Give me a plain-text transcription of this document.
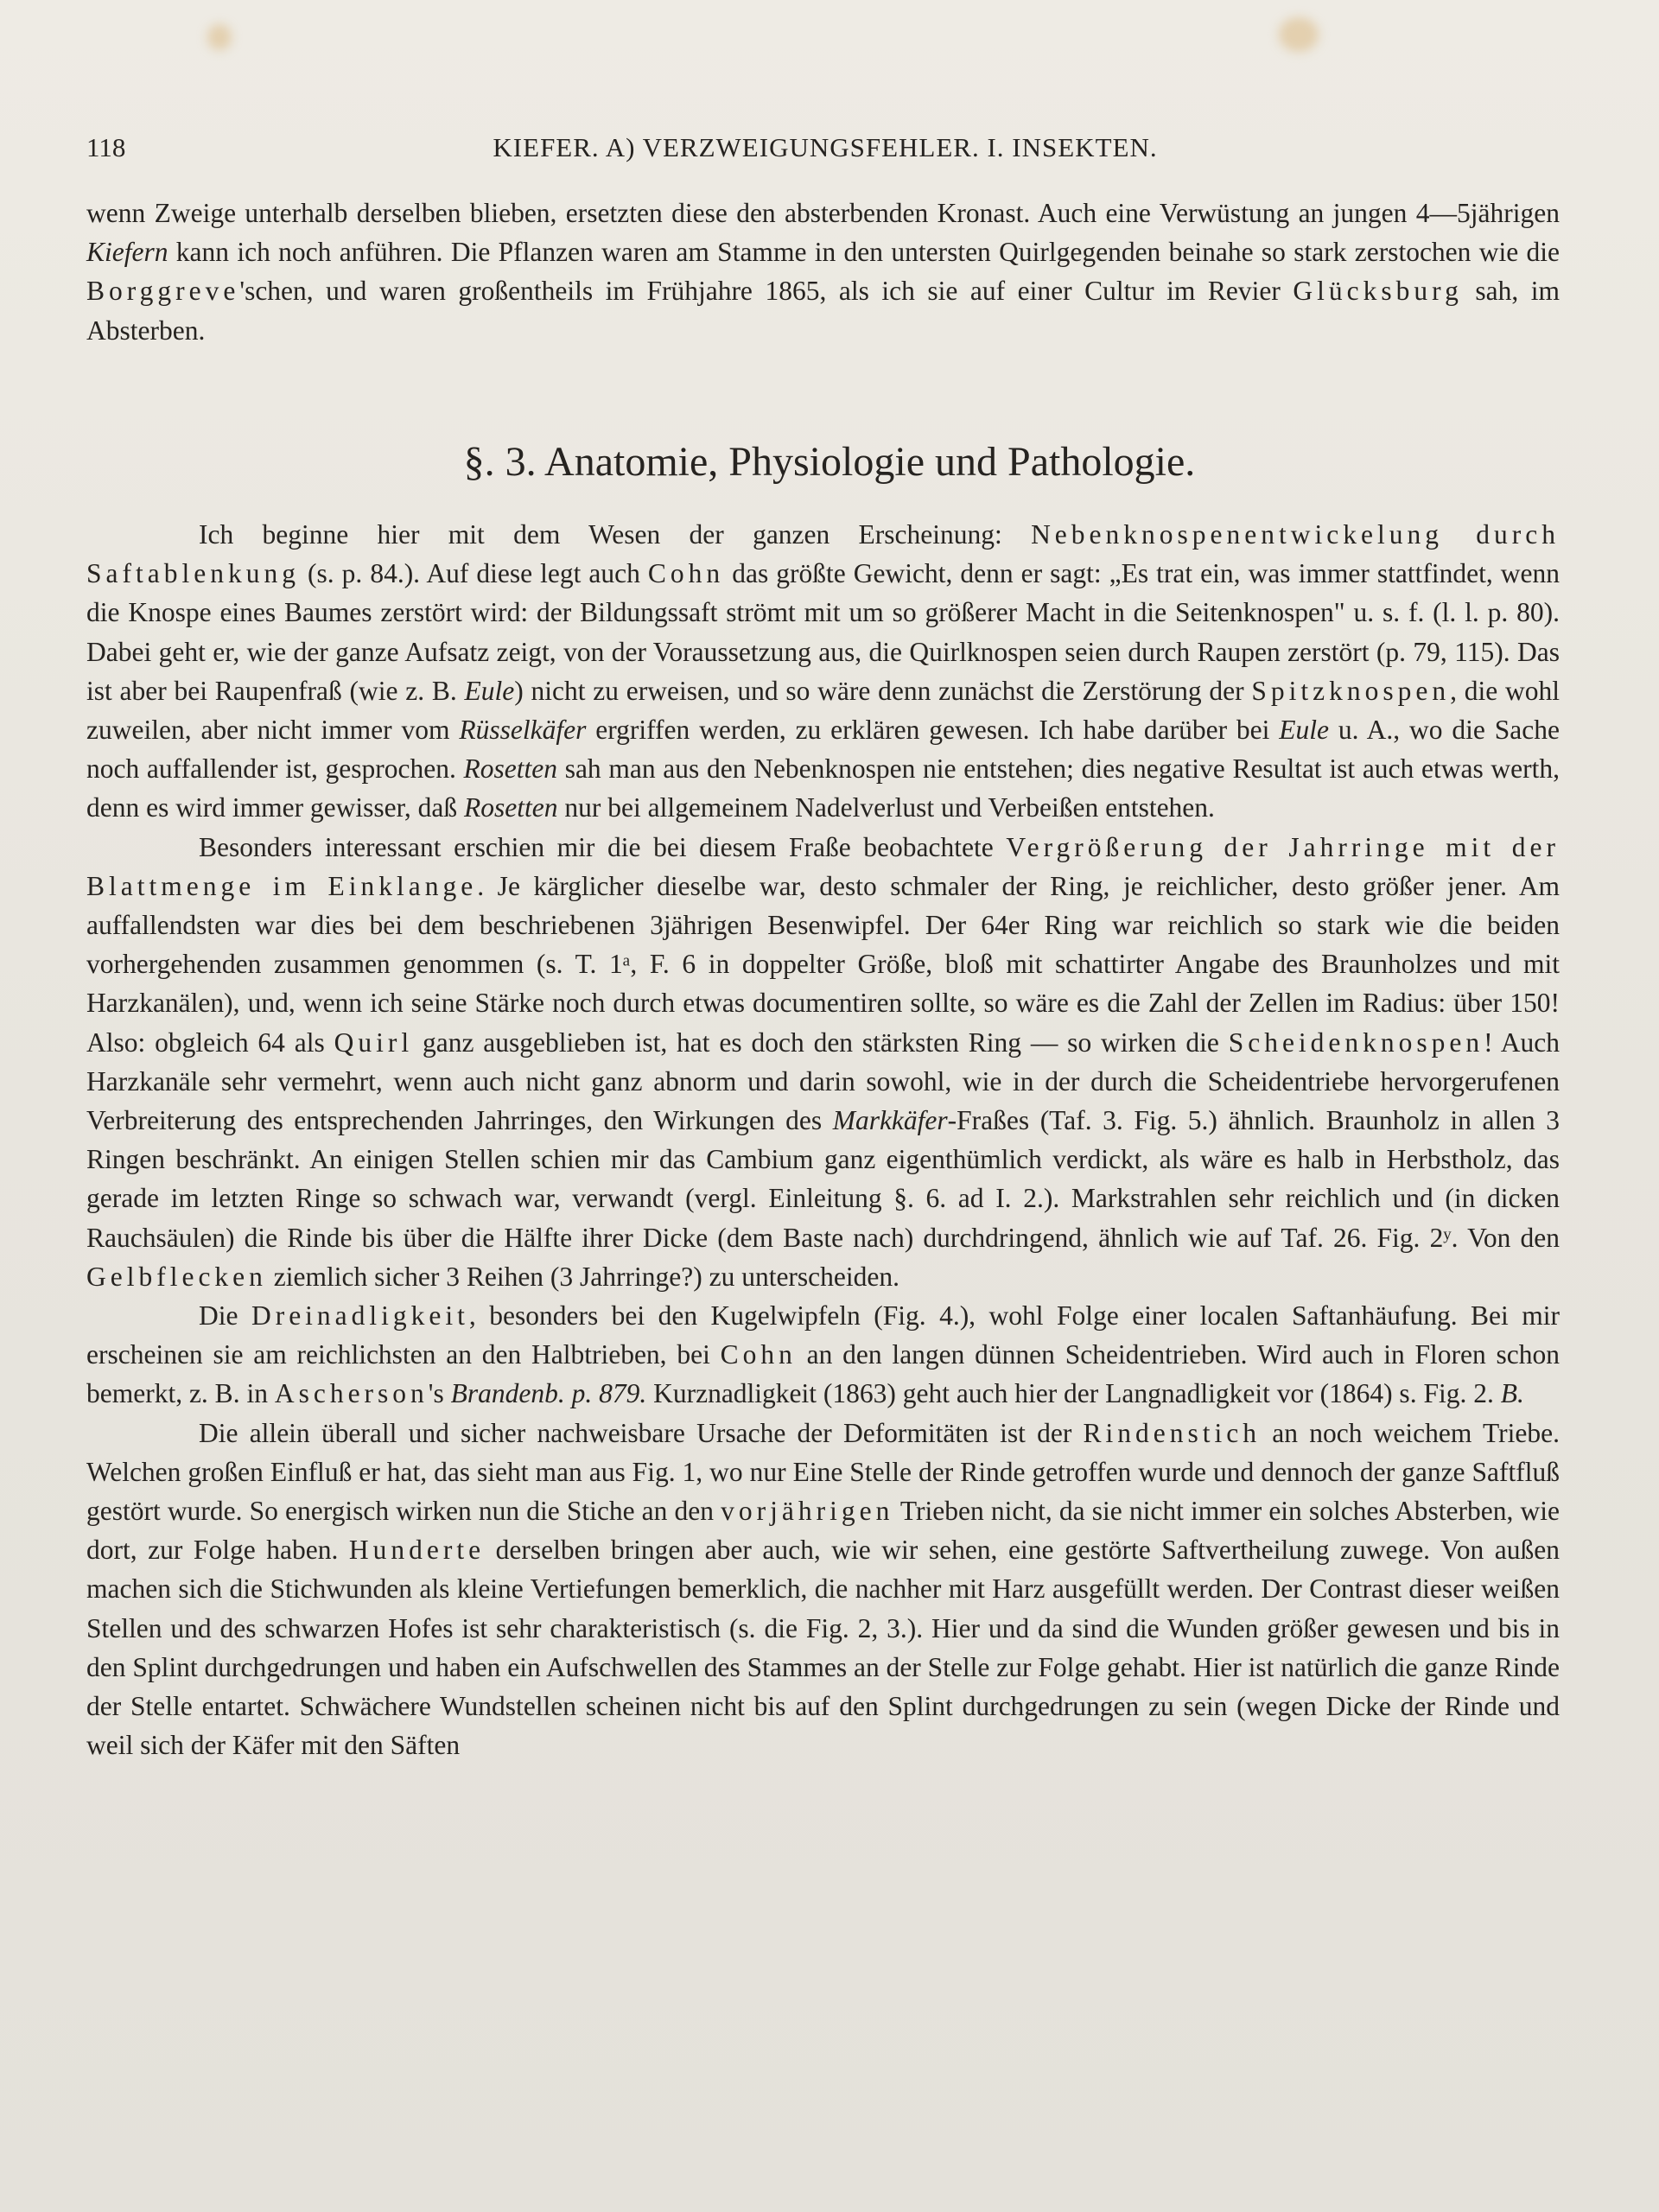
118	KIEFER. A) VERZWEIGUNGSFEHLER. I. INSEKTEN.

wenn Zweige unterhalb derselben blieben, ersetzten diese den absterbenden Kronast. Auch eine Verwüstung an jungen 4—5jährigen Kiefern kann ich noch anführen. Die Pflanzen waren am Stamme in den untersten Quirlgegenden beinahe so stark zerstochen wie die Borggreve'schen, und waren großentheils im Frühjahre 1865, als ich sie auf einer Cultur im Revier Glücksburg sah, im Absterben.

§. 3. Anatomie, Physiologie und Pathologie.

Ich beginne hier mit dem Wesen der ganzen Erscheinung: Nebenknospenentwickelung durch Saftablenkung (s. p. 84.). Auf diese legt auch Cohn das größte Gewicht, denn er sagt: „Es trat ein, was immer stattfindet, wenn die Knospe eines Baumes zerstört wird: der Bildungssaft strömt mit um so größerer Macht in die Seitenknospen" u. s. f. (l. l. p. 80). Dabei geht er, wie der ganze Aufsatz zeigt, von der Voraussetzung aus, die Quirlknospen seien durch Raupen zerstört (p. 79, 115). Das ist aber bei Raupenfraß (wie z. B. Eule) nicht zu erweisen, und so wäre denn zunächst die Zerstörung der Spitzknospen, die wohl zuweilen, aber nicht immer vom Rüsselkäfer ergriffen werden, zu erklären gewesen. Ich habe darüber bei Eule u. A., wo die Sache noch auffallender ist, gesprochen. Rosetten sah man aus den Nebenknospen nie entstehen; dies negative Resultat ist auch etwas werth, denn es wird immer gewisser, daß Rosetten nur bei allgemeinem Nadelverlust und Verbeißen entstehen.

Besonders interessant erschien mir die bei diesem Fraße beobachtete Vergrößerung der Jahrringe mit der Blattmenge im Einklange. Je kärglicher dieselbe war, desto schmaler der Ring, je reichlicher, desto größer jener. Am auffallendsten war dies bei dem beschriebenen 3jährigen Besenwipfel. Der 64er Ring war reichlich so stark wie die beiden vorhergehenden zusammen genommen (s. T. 1ᵃ, F. 6 in doppelter Größe, bloß mit schattirter Angabe des Braunholzes und mit Harzkanälen), und, wenn ich seine Stärke noch durch etwas documentiren sollte, so wäre es die Zahl der Zellen im Radius: über 150! Also: obgleich 64 als Quirl ganz ausgeblieben ist, hat es doch den stärksten Ring — so wirken die Scheidenknospen! Auch Harzkanäle sehr vermehrt, wenn auch nicht ganz abnorm und darin sowohl, wie in der durch die Scheidentriebe hervorgerufenen Verbreiterung des entsprechenden Jahrringes, den Wirkungen des Markkäfer-Fraßes (Taf. 3. Fig. 5.) ähnlich. Braunholz in allen 3 Ringen beschränkt. An einigen Stellen schien mir das Cambium ganz eigenthümlich verdickt, als wäre es halb in Herbstholz, das gerade im letzten Ringe so schwach war, verwandt (vergl. Einleitung §. 6. ad I. 2.). Markstrahlen sehr reichlich und (in dicken Rauchsäulen) die Rinde bis über die Hälfte ihrer Dicke (dem Baste nach) durchdringend, ähnlich wie auf Taf. 26. Fig. 2ʸ. Von den Gelbflecken ziemlich sicher 3 Reihen (3 Jahrringe?) zu unterscheiden.

Die Dreinadligkeit, besonders bei den Kugelwipfeln (Fig. 4.), wohl Folge einer localen Saftanhäufung. Bei mir erscheinen sie am reichlichsten an den Halbtrieben, bei Cohn an den langen dünnen Scheidentrieben. Wird auch in Floren schon bemerkt, z. B. in Ascherson's Brandenb. p. 879. Kurznadligkeit (1863) geht auch hier der Langnadligkeit vor (1864) s. Fig. 2. B.

Die allein überall und sicher nachweisbare Ursache der Deformitäten ist der Rindenstich an noch weichem Triebe. Welchen großen Einfluß er hat, das sieht man aus Fig. 1, wo nur Eine Stelle der Rinde getroffen wurde und dennoch der ganze Saftfluß gestört wurde. So energisch wirken nun die Stiche an den vorjährigen Trieben nicht, da sie nicht immer ein solches Absterben, wie dort, zur Folge haben. Hunderte derselben bringen aber auch, wie wir sehen, eine gestörte Saftvertheilung zuwege. Von außen machen sich die Stichwunden als kleine Vertiefungen bemerklich, die nachher mit Harz ausgefüllt werden. Der Contrast dieser weißen Stellen und des schwarzen Hofes ist sehr charakteristisch (s. die Fig. 2, 3.). Hier und da sind die Wunden größer gewesen und bis in den Splint durchgedrungen und haben ein Aufschwellen des Stammes an der Stelle zur Folge gehabt. Hier ist natürlich die ganze Rinde der Stelle entartet. Schwächere Wundstellen scheinen nicht bis auf den Splint durchgedrungen zu sein (wegen Dicke der Rinde und weil sich der Käfer mit den Säften
